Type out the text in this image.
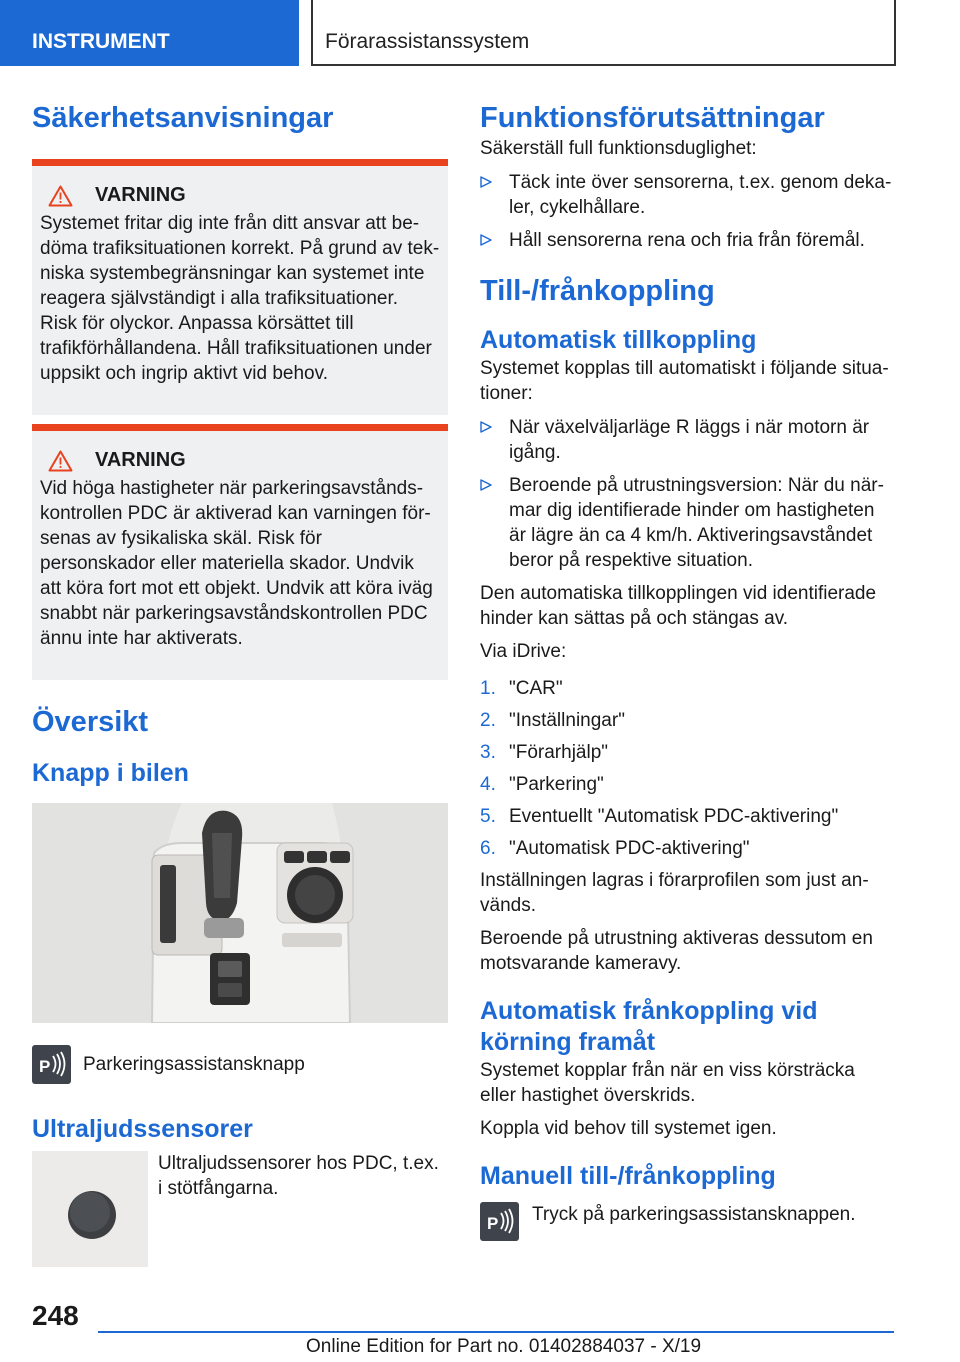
INSTRUMENT	Förarassistanssystem
Säkerhetsanvisningar
VARNING

Systemet fritar dig inte från ditt ansvar att bedöma trafiksituationen korrekt. På grund av tekniska systembegränsningar kan systemet inte reagera självständigt i alla trafiksituationer. Risk för olyckor. Anpassa körsättet till trafikförhållandena. Håll trafiksituationen under uppsikt och ingrip aktivt vid behov.

VARNING

Vid höga hastigheter när parkeringsavståndskontrollen PDC är aktiverad kan varningen försenas av fysikaliska skäl. Risk för personskador eller materiella skador. Undvik att köra fort mot ett objekt. Undvik att köra iväg snabbt när parkeringsavståndskontrollen PDC ännu inte har aktiverats.

Översikt
Knapp i bilen
P Parkeringsassistansknapp
Ultraljudssensorer

Ultraljudssensorer hos PDC, t.ex. i stötfångarna.

Funktionsförutsättningar

Säkerställ full funktionsduglighet:

Täck inte över sensorerna, t.ex. genom dekaler, cykelhållare.
Håll sensorerna rena och fria från föremål.
Till-/frånkoppling
Automatisk tillkoppling

Systemet kopplas till automatiskt i följande situationer:

När växelväljarläge R läggs i när motorn är igång.
Beroende på utrustningsversion: När du närmar dig identifierade hinder om hastigheten är lägre än ca 4 km/h. Aktiveringsavståndet beror på respektive situation.

Den automatiska tillkopplingen vid identifierade hinder kan sättas på och stängas av.

Via iDrive:

1. "CAR"
2. "Inställningar"
3. "Förarhjälp"
4. "Parkering"
5. Eventuellt "Automatisk PDC-aktivering"
6. "Automatisk PDC-aktivering"

Inställningen lagras i förarprofilen som just används.

Beroende på utrustning aktiveras dessutom en motsvarande kameravy.

Automatisk frånkoppling vid körning framåt

Systemet kopplar från när en viss körsträcka eller hastighet överskrids.

Koppla vid behov till systemet igen.

Manuell till-/frånkoppling
P Tryck på parkeringsassistansknappen.

248
Online Edition for Part no. 01402884037 - X/19
